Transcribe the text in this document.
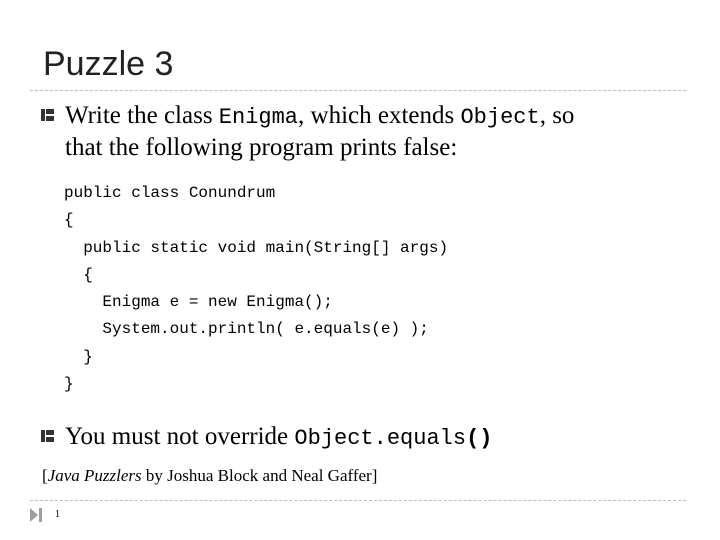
Puzzle 3
Write the class Enigma, which extends Object, so
that the following program prints false:
public class Conundrum
{
public static void main(String[] args)
{
Enigma e = new Enigma();
System.out.println( e.equals(e) );
}
}
You must not override Object.equals()
[Java Puzzlers by Joshua Block and Neal Gaffer]
1
